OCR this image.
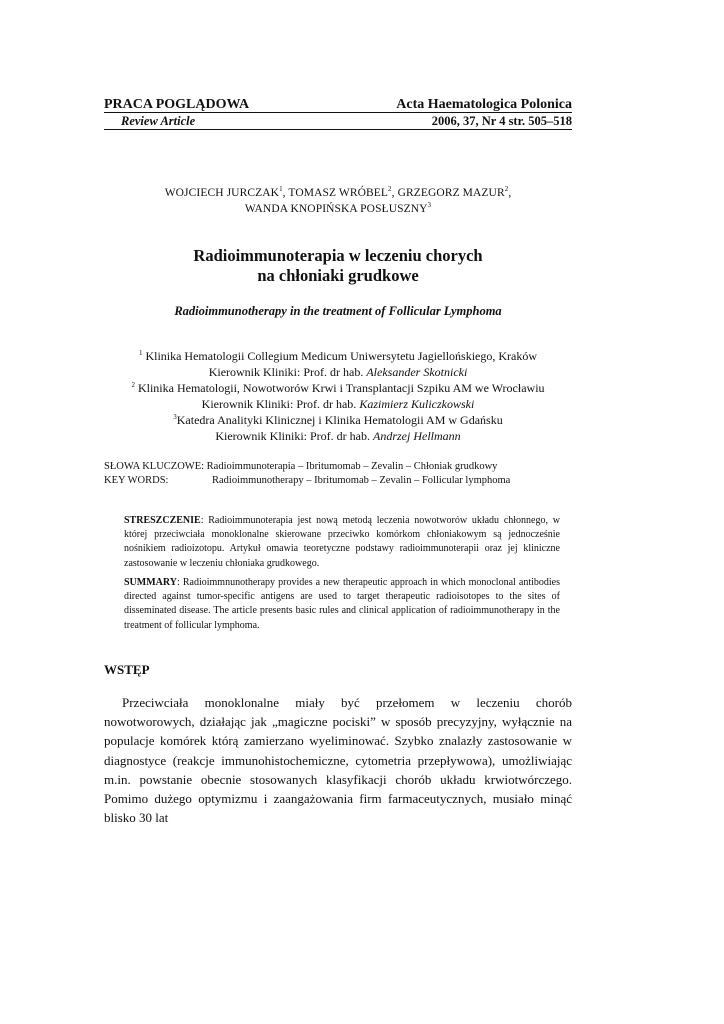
PRACA POGLĄDOWA
Review Article
Acta Haematologica Polonica
2006, 37, Nr 4 str. 505–518
WOJCIECH JURCZAK$^1$, TOMASZ WRÓBEL$^2$, GRZEGORZ MAZUR$^2$,
WANDA KNOPIŃSKA POSŁUSZNY$^3$
Radioimmunoterapia w leczeniu chorych
na chłoniaki grudkowe
Radioimmunotherapy in the treatment of Follicular Lymphoma
$^1$ Klinika Hematologii Collegium Medicum Uniwersytetu Jagiellońskiego, Kraków
Kierownik Kliniki: Prof. dr hab. Aleksander Skotnicki
$^2$ Klinika Hematologii, Nowotworów Krwi i Transplantacji Szpiku AM we Wrocławiu
Kierownik Kliniki: Prof. dr hab. Kazimierz Kuliczkowski
$^3$Katedra Analityki Klinicznej i Klinika Hematologii AM w Gdańsku
Kierownik Kliniki: Prof. dr hab. Andrzej Hellmann
SŁOWA KLUCZOWE: Radioimmunoterapia – Ibritumomab – Zevalin – Chłoniak grudkowy
KEY WORDS:	Radioimmunotherapy – Ibritumomab – Zevalin – Follicular lymphoma
STRESZCZENIE: Radioimmunoterapia jest nową metodą leczenia nowotworów układu chłonnego, w której przeciwciała monoklonalne skierowane przeciwko komórkom chłoniakowym są jednocześnie nośnikiem radioizotopu. Artykuł omawia teoretyczne podstawy radioimmunoterapii oraz jej kliniczne zastosowanie w leczeniu chłoniaka grudkowego.
SUMMARY: Radioimmnunotherapy provides a new therapeutic approach in which monoclonal antibodies directed against tumor-specific antigens are used to target therapeutic radioisotopes to the sites of disseminated disease. The article presents basic rules and clinical application of radioimmunotherapy in the treatment of follicular lymphoma.
WSTĘP
Przeciwciała monoklonalne miały być przełomem w leczeniu chorób nowotworowych, działając jak „magiczne pociski” w sposób precyzyjny, wyłącznie na populacje komórek którą zamierzano wyeliminować. Szybko znalazły zastosowanie w diagnostyce (reakcje immunohistochemiczne, cytometria przepływowa), umożliwiając m.in. powstanie obecnie stosowanych klasyfikacji chorób układu krwiotwórczego. Pomimo dużego optymizmu i zaangażowania firm farmaceutycznych, musiało minąć blisko 30 lat
